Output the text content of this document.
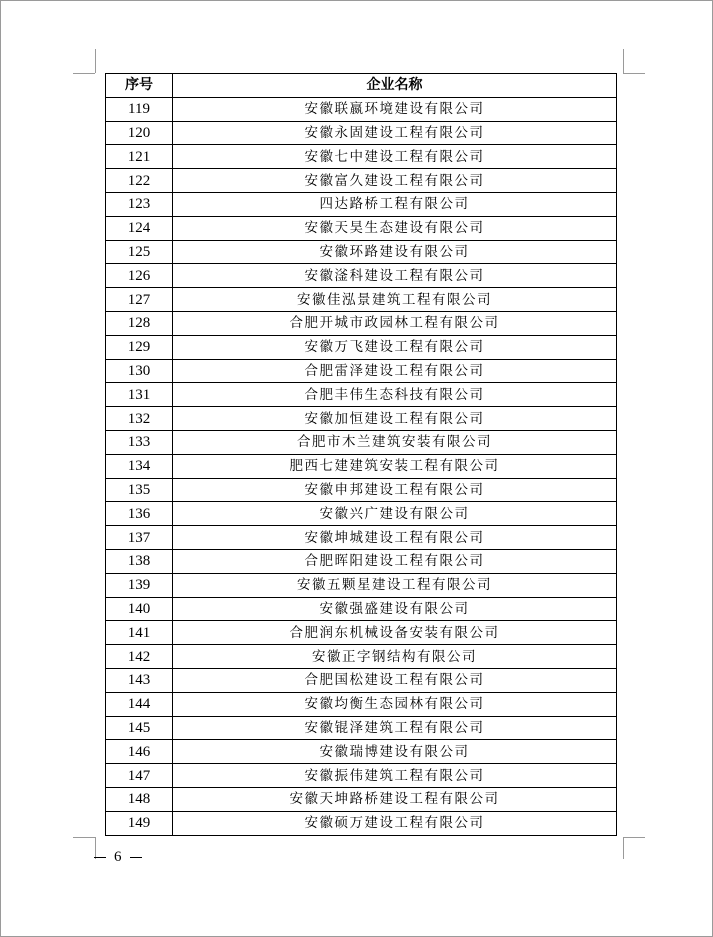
序号	企业名称
119	安徽联嬴环境建设有限公司
120	安徽永固建设工程有限公司
121	安徽七中建设工程有限公司
122	安徽富久建设工程有限公司
123	四达路桥工程有限公司
124	安徽天昊生态建设有限公司
125	安徽环路建设有限公司
126	安徽滏科建设工程有限公司
127	安徽佳泓景建筑工程有限公司
128	合肥开城市政园林工程有限公司
129	安徽万飞建设工程有限公司
130	合肥雷泽建设工程有限公司
131	合肥丰伟生态科技有限公司
132	安徽加恒建设工程有限公司
133	合肥市木兰建筑安装有限公司
134	肥西七建建筑安装工程有限公司
135	安徽申邦建设工程有限公司
136	安徽兴广建设有限公司
137	安徽坤城建设工程有限公司
138	合肥晖阳建设工程有限公司
139	安徽五颗星建设工程有限公司
140	安徽强盛建设有限公司
141	合肥润东机械设备安装有限公司
142	安徽正字钢结构有限公司
143	合肥国松建设工程有限公司
144	安徽均衡生态园林有限公司
145	安徽锟泽建筑工程有限公司
146	安徽瑞博建设有限公司
147	安徽振伟建筑工程有限公司
148	安徽天坤路桥建设工程有限公司
149	安徽硕万建设工程有限公司
6
